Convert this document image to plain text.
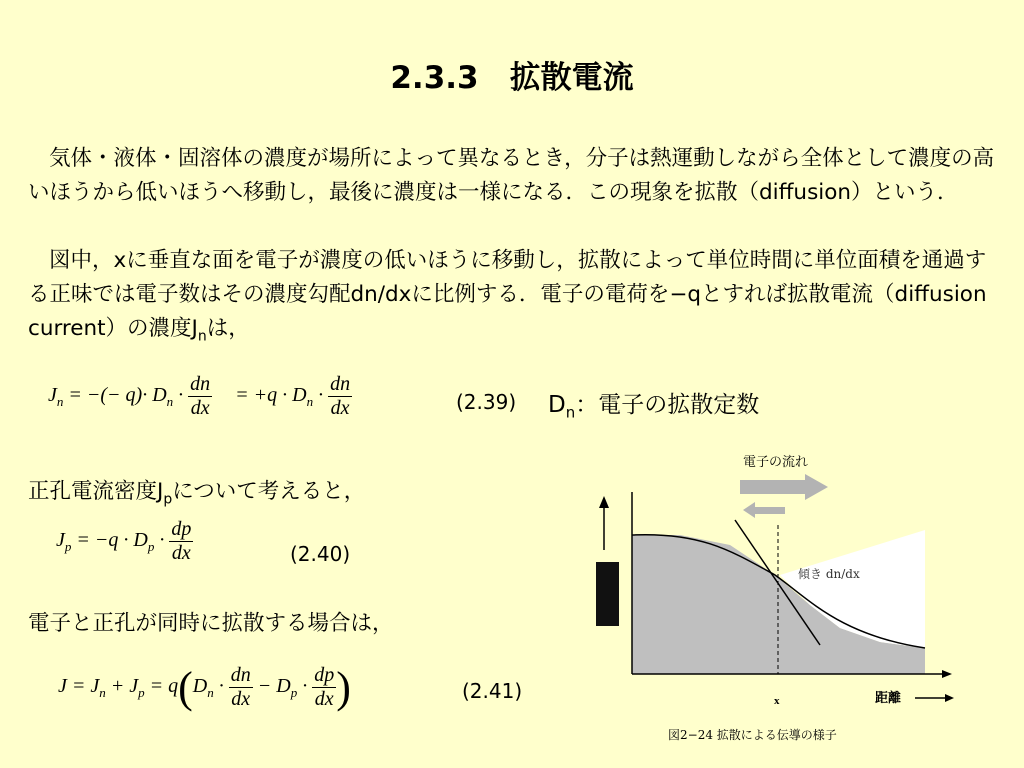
2.3.3　拡散電流
気体・液体・固溶体の濃度が場所によって異なるとき，分子は熱運動しながら全体として濃度の高いほうから低いほうへ移動し，最後に濃度は一様になる．この現象を拡散（diffusion）という．
図中，xに垂直な面を電子が濃度の低いほうに移動し，拡散によって単位時間に単位面積を通過する正味では電子数はその濃度勾配dn/dxに比例する．電子の電荷を−qとすれば拡散電流（diffusion current）の濃度$J_n$は，
$J_n$ = −(− $q)\cdot D_n \cdot \frac{dn}{dx} = +q \cdot D_n \cdot \frac{dn}{dx}$	(2.39) $D_n$：電子の拡散定数
正孔電流密度$J_p$について考えると，
$J_p = -q \cdot D_p \cdot \frac{dp}{dx}$	(2.40)
電子と正孔が同時に拡散する場合は，
$J = J_n + J_p = q(D_n \cdot \frac{dn}{dx} - D_p \cdot \frac{dp}{dx}$ )	(2.41)
電子の流れ
傾き dn/dx
x	距離
図2−24 拡散による伝導の様子
